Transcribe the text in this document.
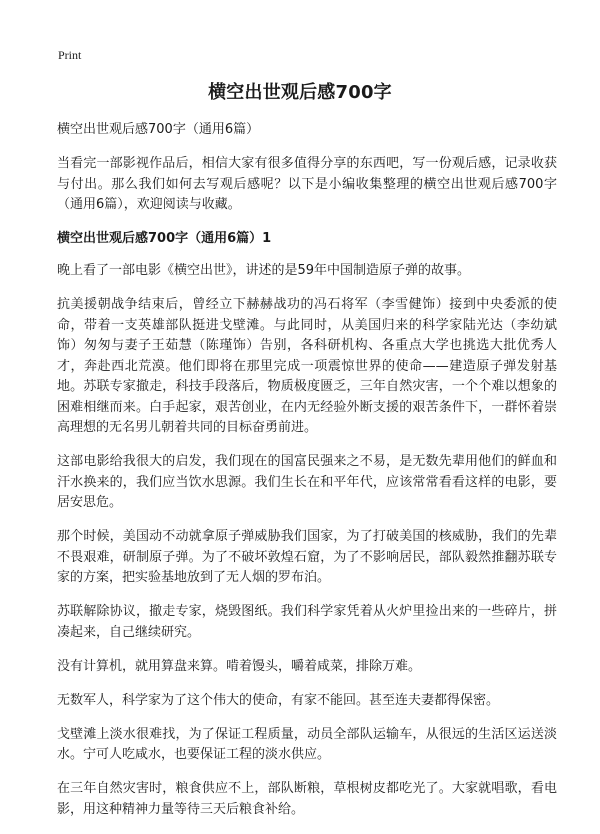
Print
横空出世观后感700字

横空出世观后感700字（通用6篇）

当看完一部影视作品后，相信大家有很多值得分享的东西吧，写一份观后感，记录收获与付出。那么我们如何去写观后感呢？以下是小编收集整理的横空出世观后感700字（通用6篇），欢迎阅读与收藏。

横空出世观后感700字（通用6篇）1

晚上看了一部电影《横空出世》，讲述的是59年中国制造原子弹的故事。

抗美援朝战争结束后，曾经立下赫赫战功的冯石将军（李雪健饰）接到中央委派的使命，带着一支英雄部队挺进戈壁滩。与此同时，从美国归来的科学家陆光达（李幼斌饰）匆匆与妻子王茹慧（陈瑾饰）告别，各科研机构、各重点大学也挑选大批优秀人才，奔赴西北荒漠。他们即将在那里完成一项震惊世界的使命——建造原子弹发射基地。苏联专家撤走，科技手段落后，物质极度匮乏，三年自然灾害，一个个难以想象的困难相继而来。白手起家，艰苦创业，在内无经验外断支援的艰苦条件下，一群怀着崇高理想的无名男儿朝着共同的目标奋勇前进。

这部电影给我很大的启发，我们现在的国富民强来之不易，是无数先辈用他们的鲜血和汗水换来的，我们应当饮水思源。我们生长在和平年代，应该常常看看这样的电影，要居安思危。

那个时候，美国动不动就拿原子弹威胁我们国家，为了打破美国的核威胁，我们的先辈不畏艰难，研制原子弹。为了不破坏敦煌石窟，为了不影响居民，部队毅然推翻苏联专家的方案，把实验基地放到了无人烟的罗布泊。

苏联解除协议，撤走专家，烧毁图纸。我们科学家凭着从火炉里捡出来的一些碎片，拼凑起来，自己继续研究。

没有计算机，就用算盘来算。啃着馒头，嚼着咸菜，排除万难。

无数军人，科学家为了这个伟大的使命，有家不能回。甚至连夫妻都得保密。

戈壁滩上淡水很难找，为了保证工程质量，动员全部队运输车，从很远的生活区运送淡水。宁可人吃咸水，也要保证工程的淡水供应。

在三年自然灾害时，粮食供应不上，部队断粮，草根树皮都吃光了。大家就唱歌，看电影，用这种精神力量等待三天后粮食补给。
